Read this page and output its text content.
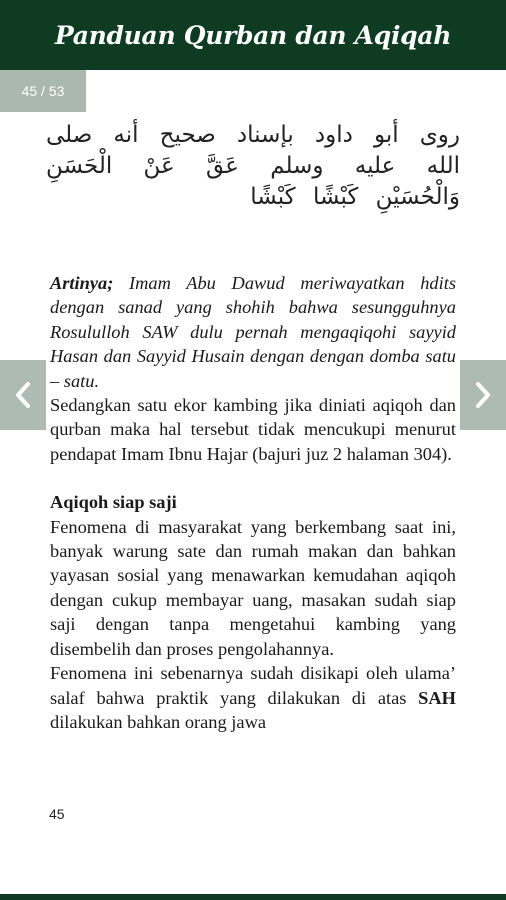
Panduan Qurban dan Aqiqah
45 / 53
روى أبو داود بإسناد صحيح أنه صلى الله عليه وسلم عَقَّ عَنْ الْحَسَنِ وَالْحُسَيْنِ كَبْشًا كَبْشًا

Artinya; Imam Abu Dawud meriwayatkan hdits dengan sanad yang shohih bahwa sesungguhnya Rosululloh SAW dulu pernah mengaqiqohi sayyid Hasan dan Sayyid Husain dengan dengan domba satu – satu.

Sedangkan satu ekor kambing jika diniati aqiqoh dan qurban maka hal tersebut tidak mencukupi menurut pendapat Imam Ibnu Hajar (bajuri juz 2 halaman 304).

Aqiqoh siap saji

Fenomena di masyarakat yang berkembang saat ini, banyak warung sate dan rumah makan dan bahkan yayasan sosial yang menawarkan kemudahan aqiqoh dengan cukup membayar uang, masakan sudah siap saji dengan tanpa mengetahui kambing yang disembelih dan proses pengolahannya.

Fenomena ini sebenarnya sudah disikapi oleh ulama’ salaf bahwa praktik yang dilakukan di atas SAH dilakukan bahkan orang jawa

45
